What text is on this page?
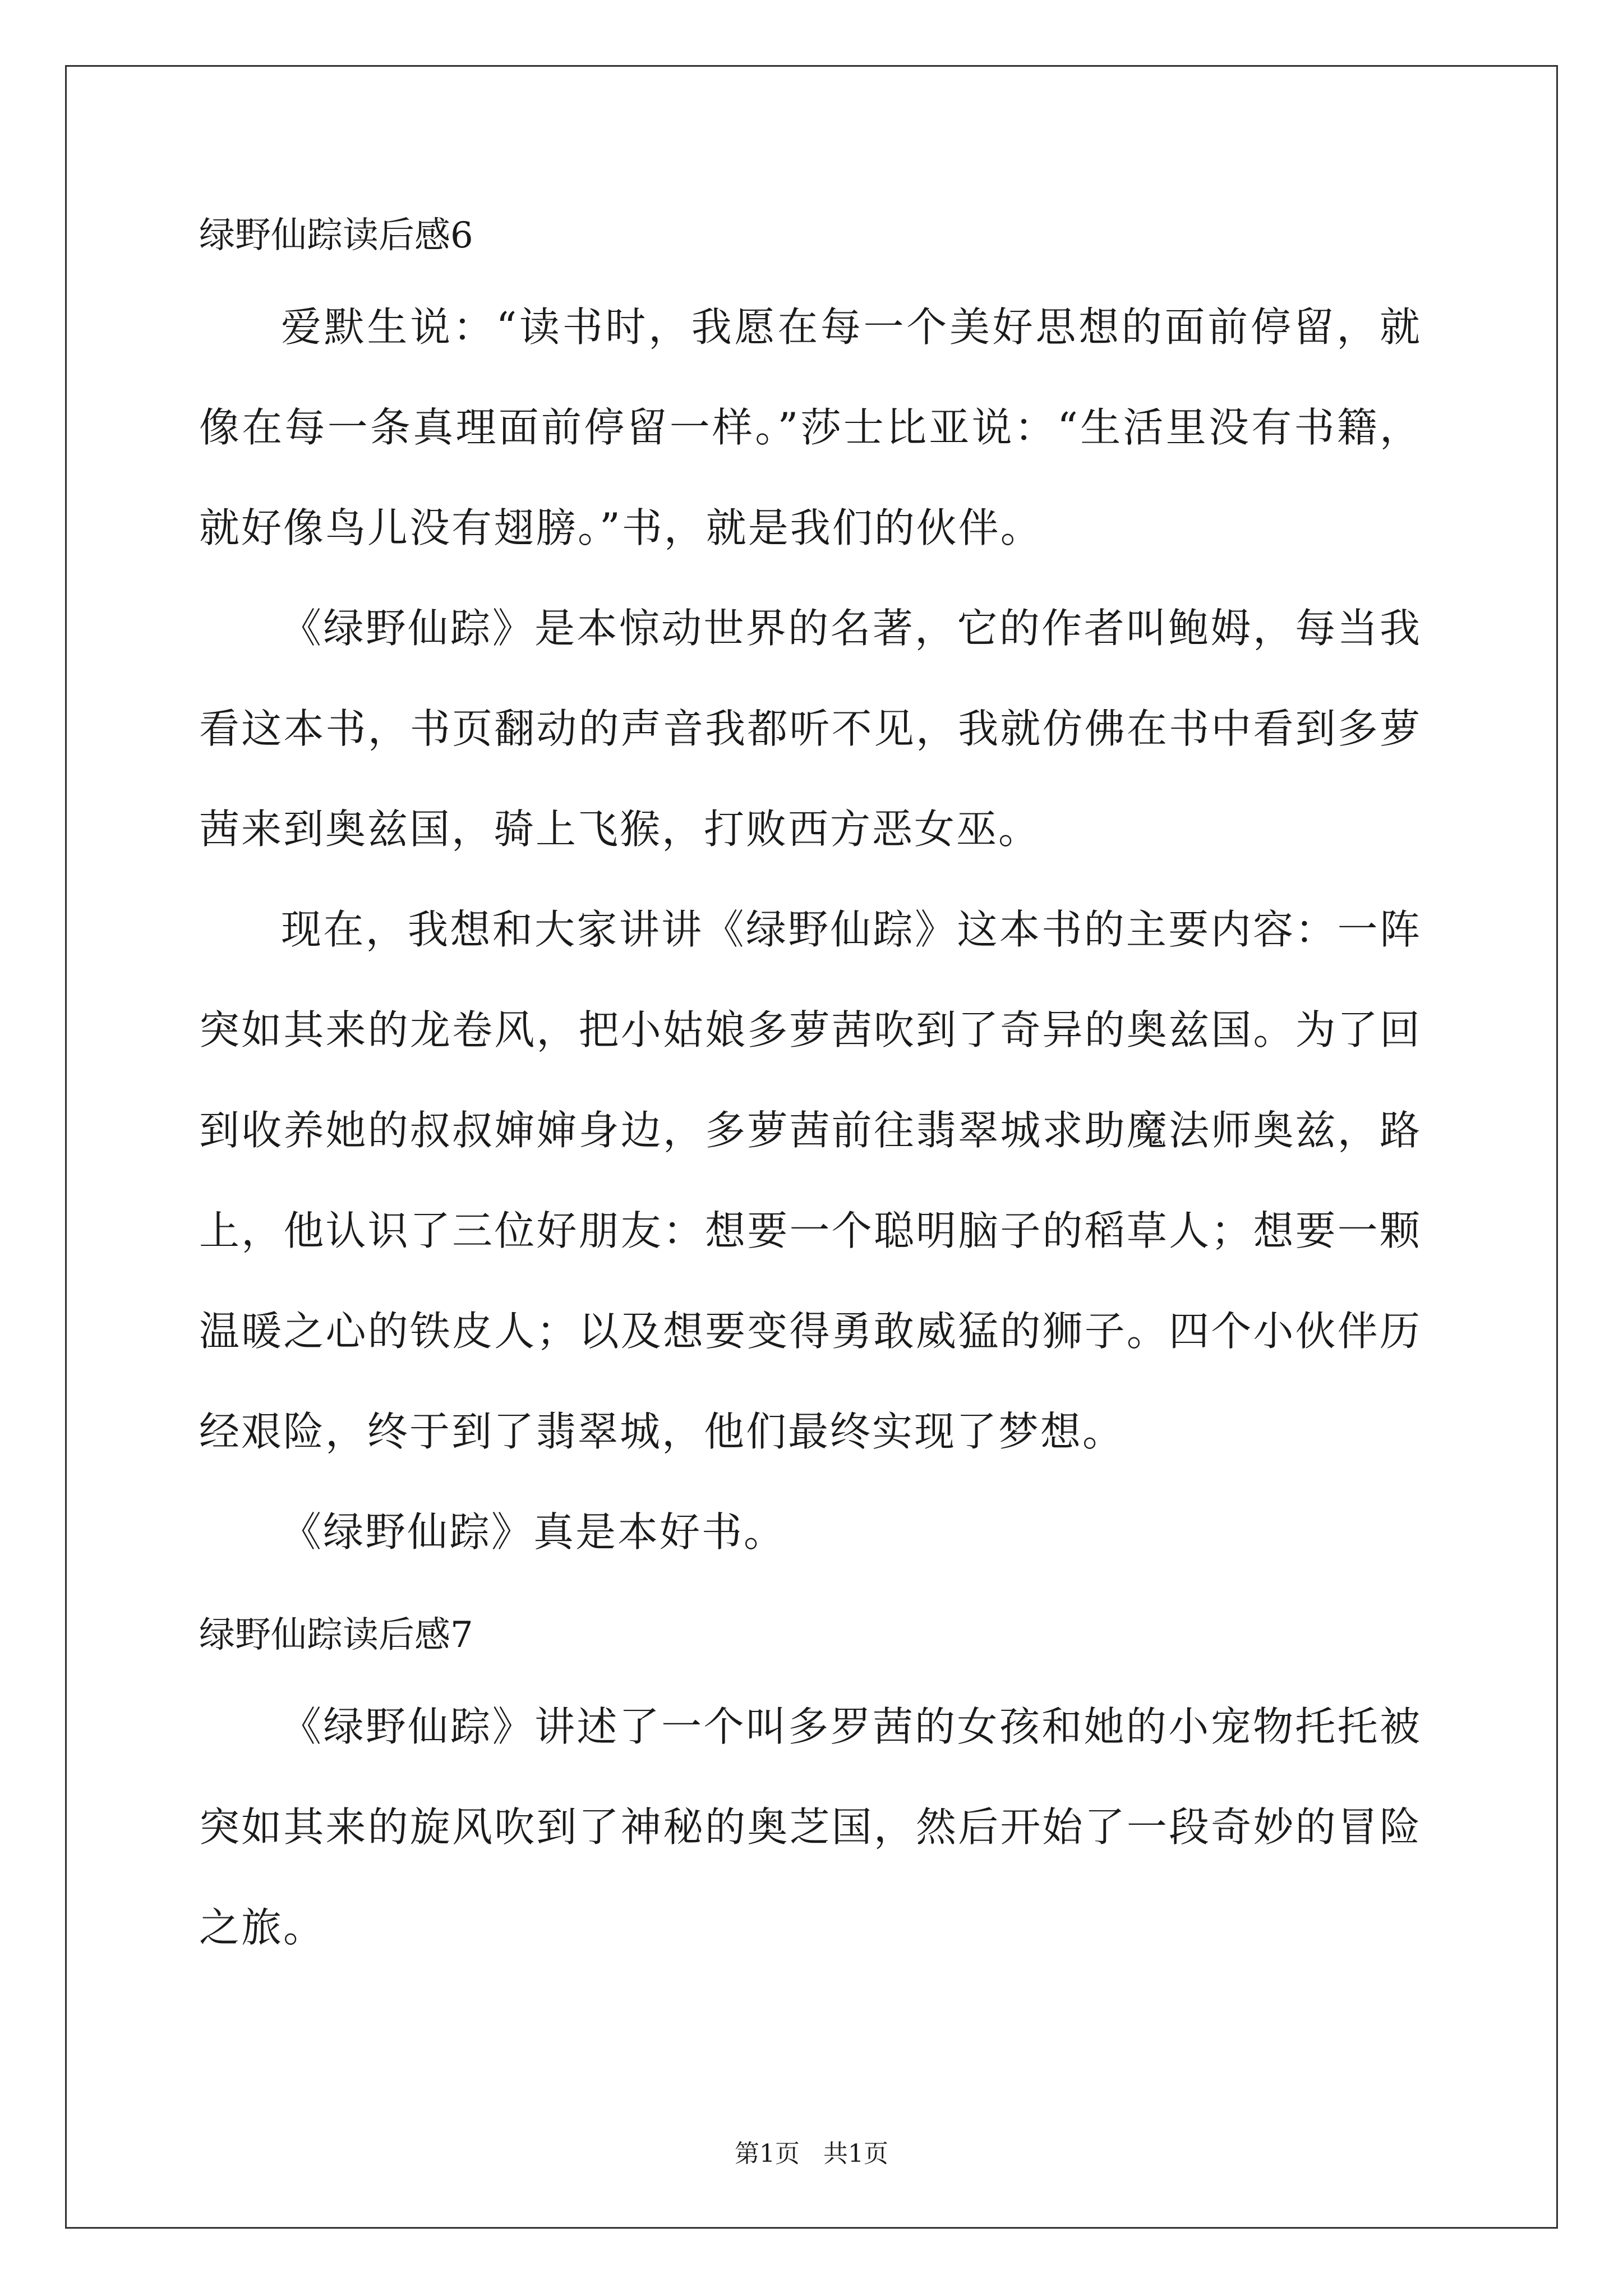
绿野仙踪读后感6

爱默生说：“读书时，我愿在每一个美好思想的面前停留，就像在每一条真理面前停留一样。”莎士比亚说：“生活里没有书籍，就好像鸟儿没有翅膀。”书，就是我们的伙伴。

《绿野仙踪》是本惊动世界的名著，它的作者叫鲍姆，每当我看这本书，书页翻动的声音我都听不见，我就仿佛在书中看到多萝茜来到奥兹国，骑上飞猴，打败西方恶女巫。

现在，我想和大家讲讲《绿野仙踪》这本书的主要内容：一阵突如其来的龙卷风，把小姑娘多萝茜吹到了奇异的奥兹国。为了回到收养她的叔叔婶婶身边，多萝茜前往翡翠城求助魔法师奥兹，路上，他认识了三位好朋友：想要一个聪明脑子的稻草人；想要一颗温暖之心的铁皮人；以及想要变得勇敢威猛的狮子。四个小伙伴历经艰险，终于到了翡翠城，他们最终实现了梦想。

《绿野仙踪》真是本好书。

绿野仙踪读后感7

《绿野仙踪》讲述了一个叫多罗茜的女孩和她的小宠物托托被突如其来的旋风吹到了神秘的奥芝国，然后开始了一段奇妙的冒险之旅。

第1页   共1页
